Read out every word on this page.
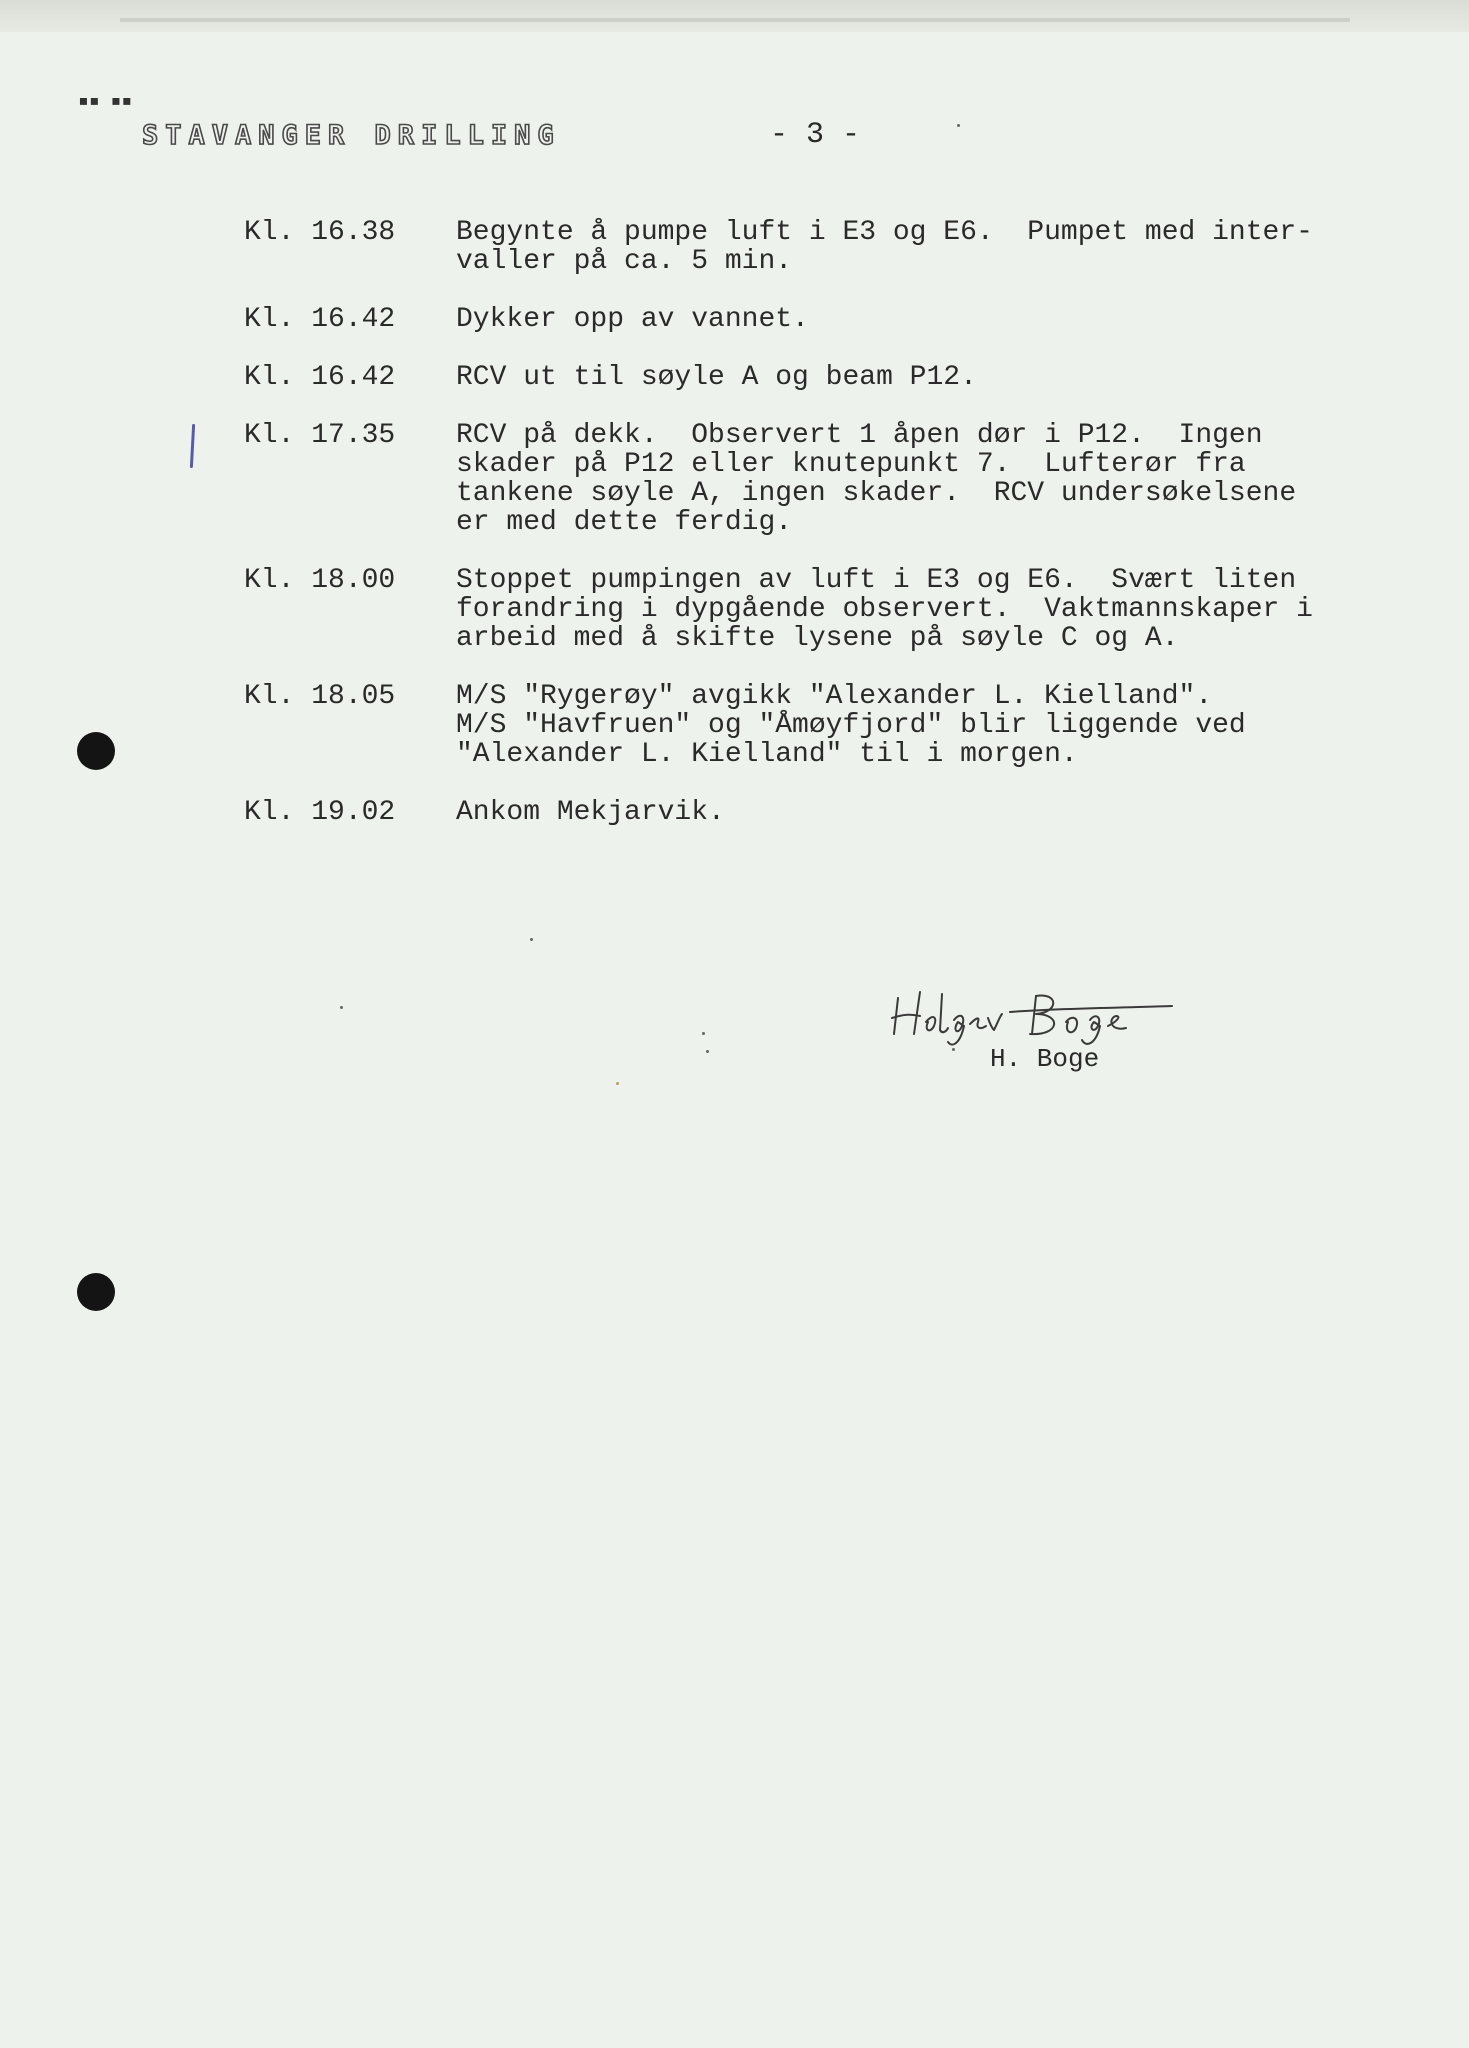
▪▪ ▪▪
STAVANGER DRILLING	- 3 -
Kl. 16.38	Begynte å pumpe luft i E3 og E6.  Pumpet med inter-
valler på ca. 5 min.
Kl. 16.42	Dykker opp av vannet.
Kl. 16.42	RCV ut til søyle A og beam P12.
Kl. 17.35	RCV på dekk.  Observert 1 åpen dør i P12.  Ingen
skader på P12 eller knutepunkt 7.  Lufterør fra
tankene søyle A, ingen skader.  RCV undersøkelsene
er med dette ferdig.
Kl. 18.00	Stoppet pumpingen av luft i E3 og E6.  Svært liten
forandring i dypgående observert.  Vaktmannskaper i
arbeid med å skifte lysene på søyle C og A.
Kl. 18.05	M/S "Rygerøy" avgikk "Alexander L. Kielland".
M/S "Havfruen" og "Åmøyfjord" blir liggende ved
"Alexander L. Kielland" til i morgen.
Kl. 19.02	Ankom Mekjarvik.
H. Boge
